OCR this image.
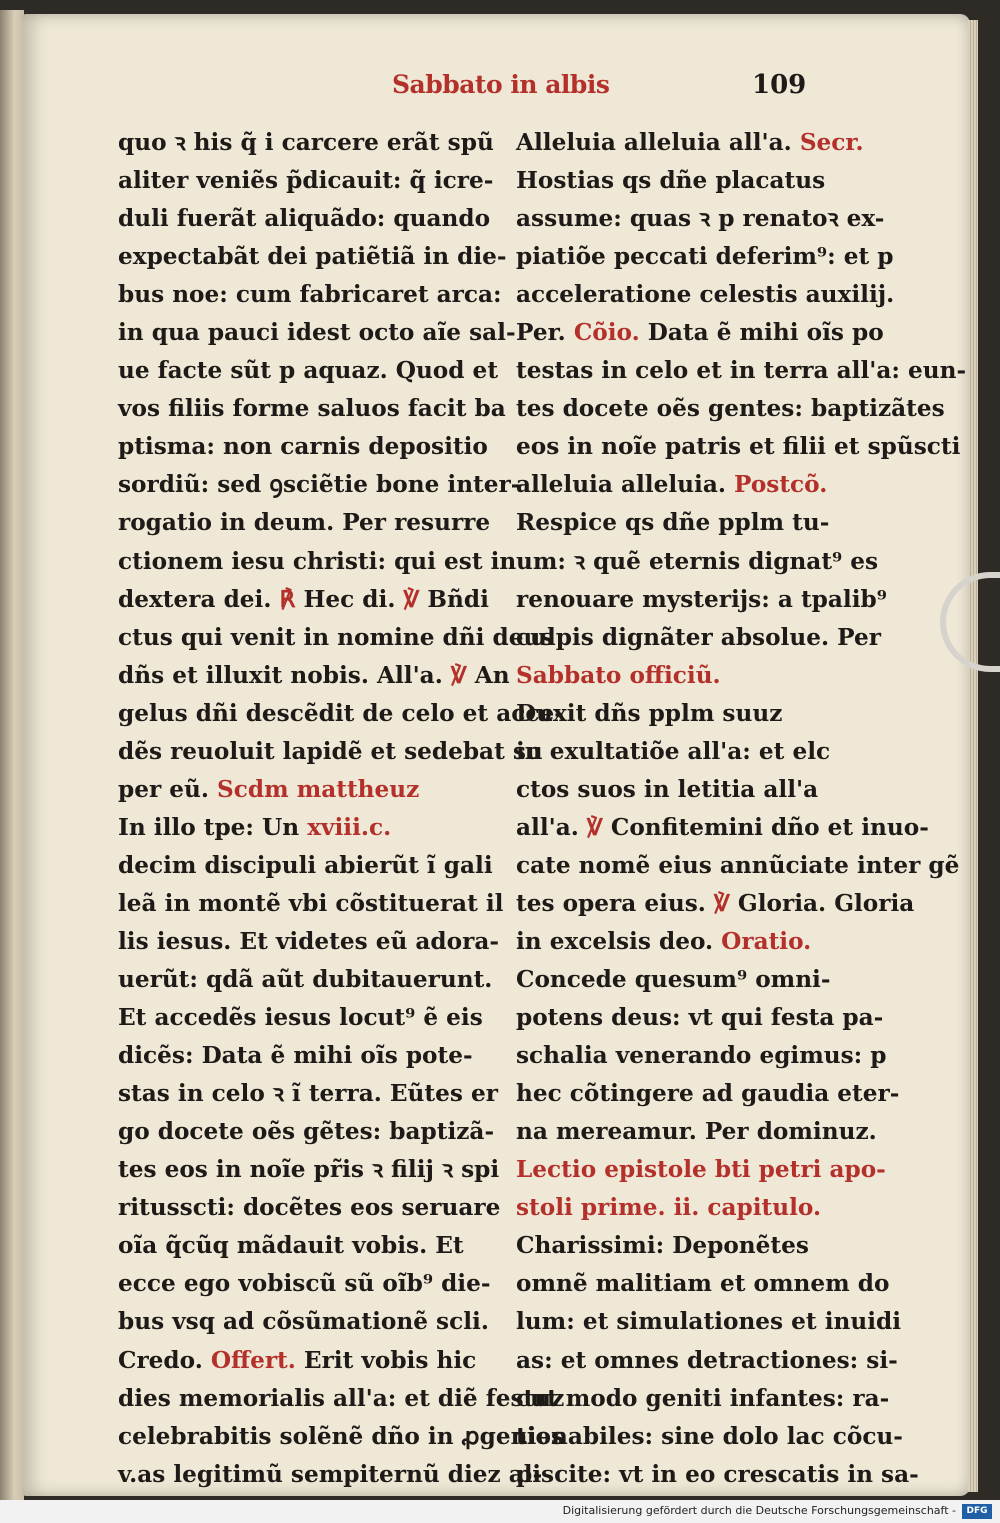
Sabbato in albis	109
quo ꝛ his q̃ i carcere erãt spũ
aliter veniẽs p̃dicauit: q̃ icre-
duli fuerãt aliquãdo: quando
expectabãt dei patiẽtiã in die-
bus noe: cum fabricaret arca:
in qua pauci idest octo aĩe sal-
ue facte sũt p aquaz. Quod et
vos filiis forme saluos facit ba
ptisma: non carnis depositio
sordiũ: sed ꝯsciẽtie bone inter-
rogatio in deum. Per resurre
ctionem iesu christi: qui est in
dextera dei. ℟ Hec di. ℣ Bñdi
ctus qui venit in nomine dñi deus
dñs et illuxit nobis. All'a. ℣ An
gelus dñi descẽdit de celo et acce-
dẽs reuoluit lapidẽ et sedebat su
per eũ. Scdm mattheuz
In illo tpe: Un xviii.c.
decim discipuli abierũt ĩ gali
leã in montẽ vbi cõstituerat il
lis iesus. Et videtes eũ adora-
uerũt: qdã aũt dubitauerunt.
Et accedẽs iesus locut⁹ ẽ eis
dicẽs: Data ẽ mihi oĩs pote-
stas in celo ꝛ ĩ terra. Eũtes er
go docete oẽs gẽtes: baptizã-
tes eos in noĩe pr̃is ꝛ filij ꝛ spi
ritusscti: docẽtes eos seruare
oĩa q̃cũq mãdauit vobis. Et
ecce ego vobiscũ sũ oĩb⁹ die-
bus vsq ad cõsũmationẽ scli.
Credo. Offert. Erit vobis hic
dies memorialis all'a: et diẽ festuz
celebrabitis solẽnẽ dño in ꝓgenies
v.as legitimũ sempiternũ diez al-
Alleluia alleluia all'a. Secr.
Hostias qs dñe placatus
assume: quas ꝛ p renatoꝛ ex-
piatiõe peccati deferim⁹: et p
acceleratione celestis auxilij.
Per. Cõio. Data ẽ mihi oĩs po
testas in celo et in terra all'a: eun-
tes docete oẽs gentes: baptizãtes
eos in noĩe patris et filii et spũscti
alleluia alleluia. Postcõ.
Respice qs dñe pplm tu-
um: ꝛ quẽ eternis dignat⁹ es
renouare mysterijs: a tpalib⁹
culpis dignãter absolue. Per
Sabbato officiũ.
Duxit dñs pplm suuz
in exultatiõe all'a: et elc
ctos suos in letitia all'a
all'a. ℣ Confitemini dño et inuo-
cate nomẽ eius annũciate inter gẽ
tes opera eius. ℣ Gloria. Gloria
in excelsis deo. Oratio.
Concede quesum⁹ omni-
potens deus: vt qui festa pa-
schalia venerando egimus: p
hec cõtingere ad gaudia eter-
na mereamur. Per dominuz.
Lectio epistole bti petri apo-
stoli prime. ii. capitulo.
Charissimi: Deponẽtes
omnẽ malitiam et omnem do
lum: et simulationes et inuidi
as: et omnes detractiones: si-
cut modo geniti infantes: ra-
tionabiles: sine dolo lac cõcu-
piscite: vt in eo crescatis in sa-
Digitalisierung gefördert durch die Deutsche Forschungsgemeinschaft -	DFG
